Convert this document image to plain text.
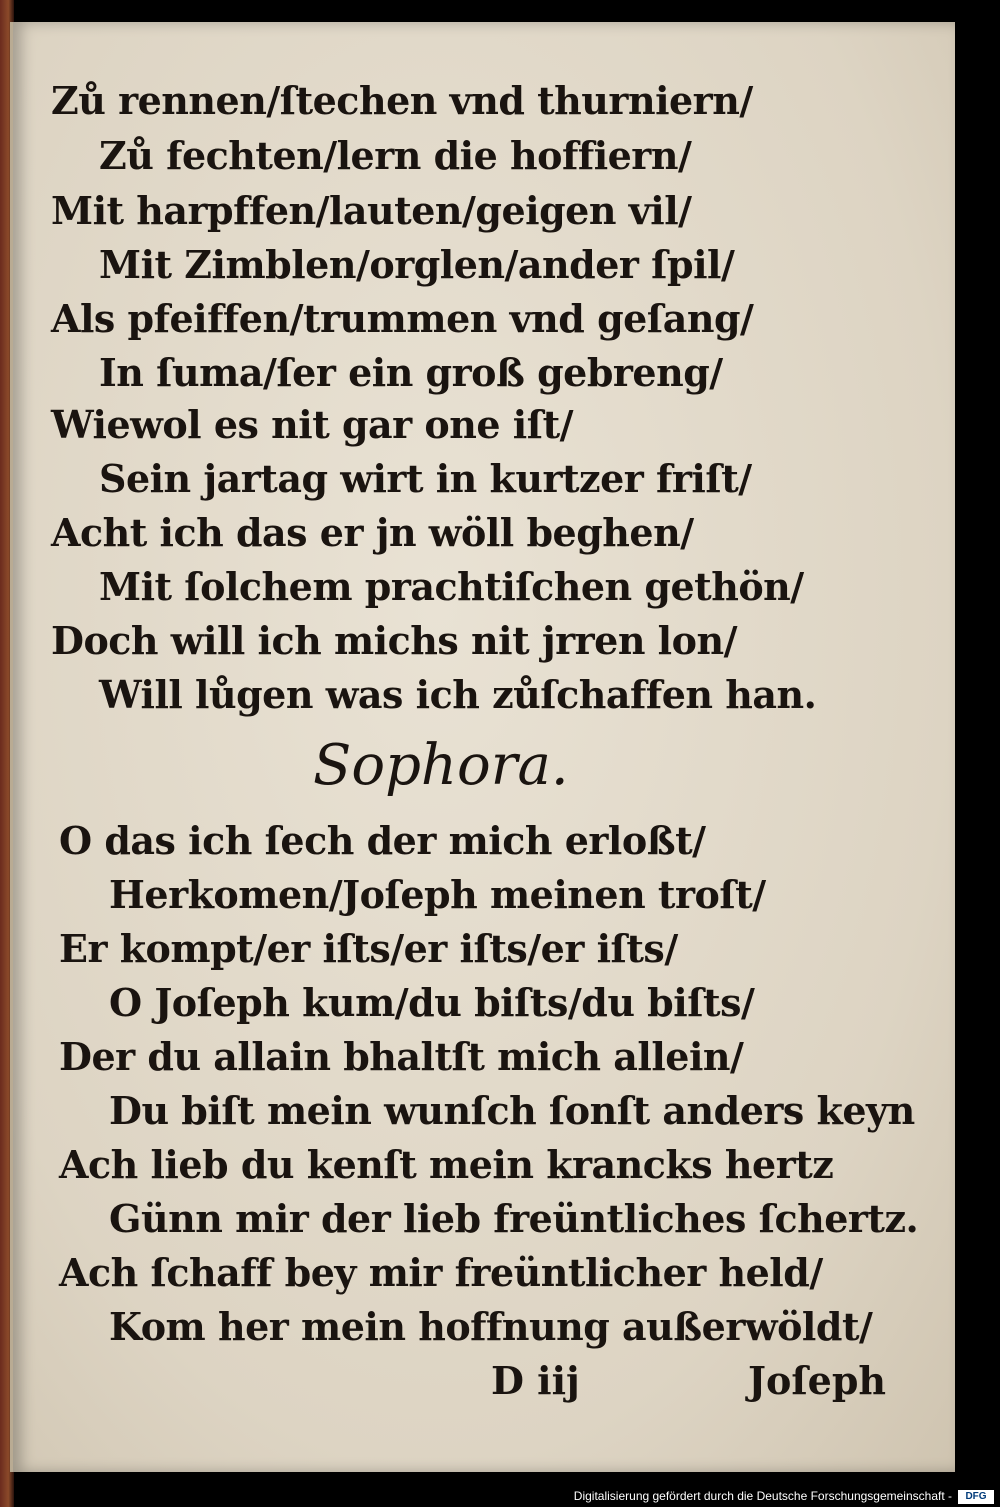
Zů rennen/ſtechen vnd thurniern/
Zů fechten/lern die hoffiern/
Mit harpffen/lauten/geigen vil/
Mit Zimblen/orglen/ander ſpil/
Als pfeiffen/trummen vnd geſang/
In ſuma/ſer ein groß gebreng/
Wiewol es nit gar one iſt/
Sein jartag wirt in kurtzer friſt/
Acht ich das er jn wöll beghen/
Mit ſolchem prachtiſchen gethön/
Doch will ich michs nit jrren lon/
Will lůgen was ich zůſchaffen han.
Sophora.
O das ich ſech der mich erloßt/
Herkomen/Joſeph meinen troſt/
Er kompt/er iſts/er iſts/er iſts/
O Joſeph kum/du biſts/du biſts/
Der du allain bhaltſt mich allein/
Du biſt mein wunſch ſonſt anders keyn
Ach lieb du kenſt mein krancks hertz
Günn mir der lieb freüntliches ſchertz.
Ach ſchaff bey mir freüntlicher held/
Kom her mein hoffnung außerwöldt/
D iij	Joſeph
Digitalisierung gefördert durch die Deutsche Forschungsgemeinschaft -	DFG
